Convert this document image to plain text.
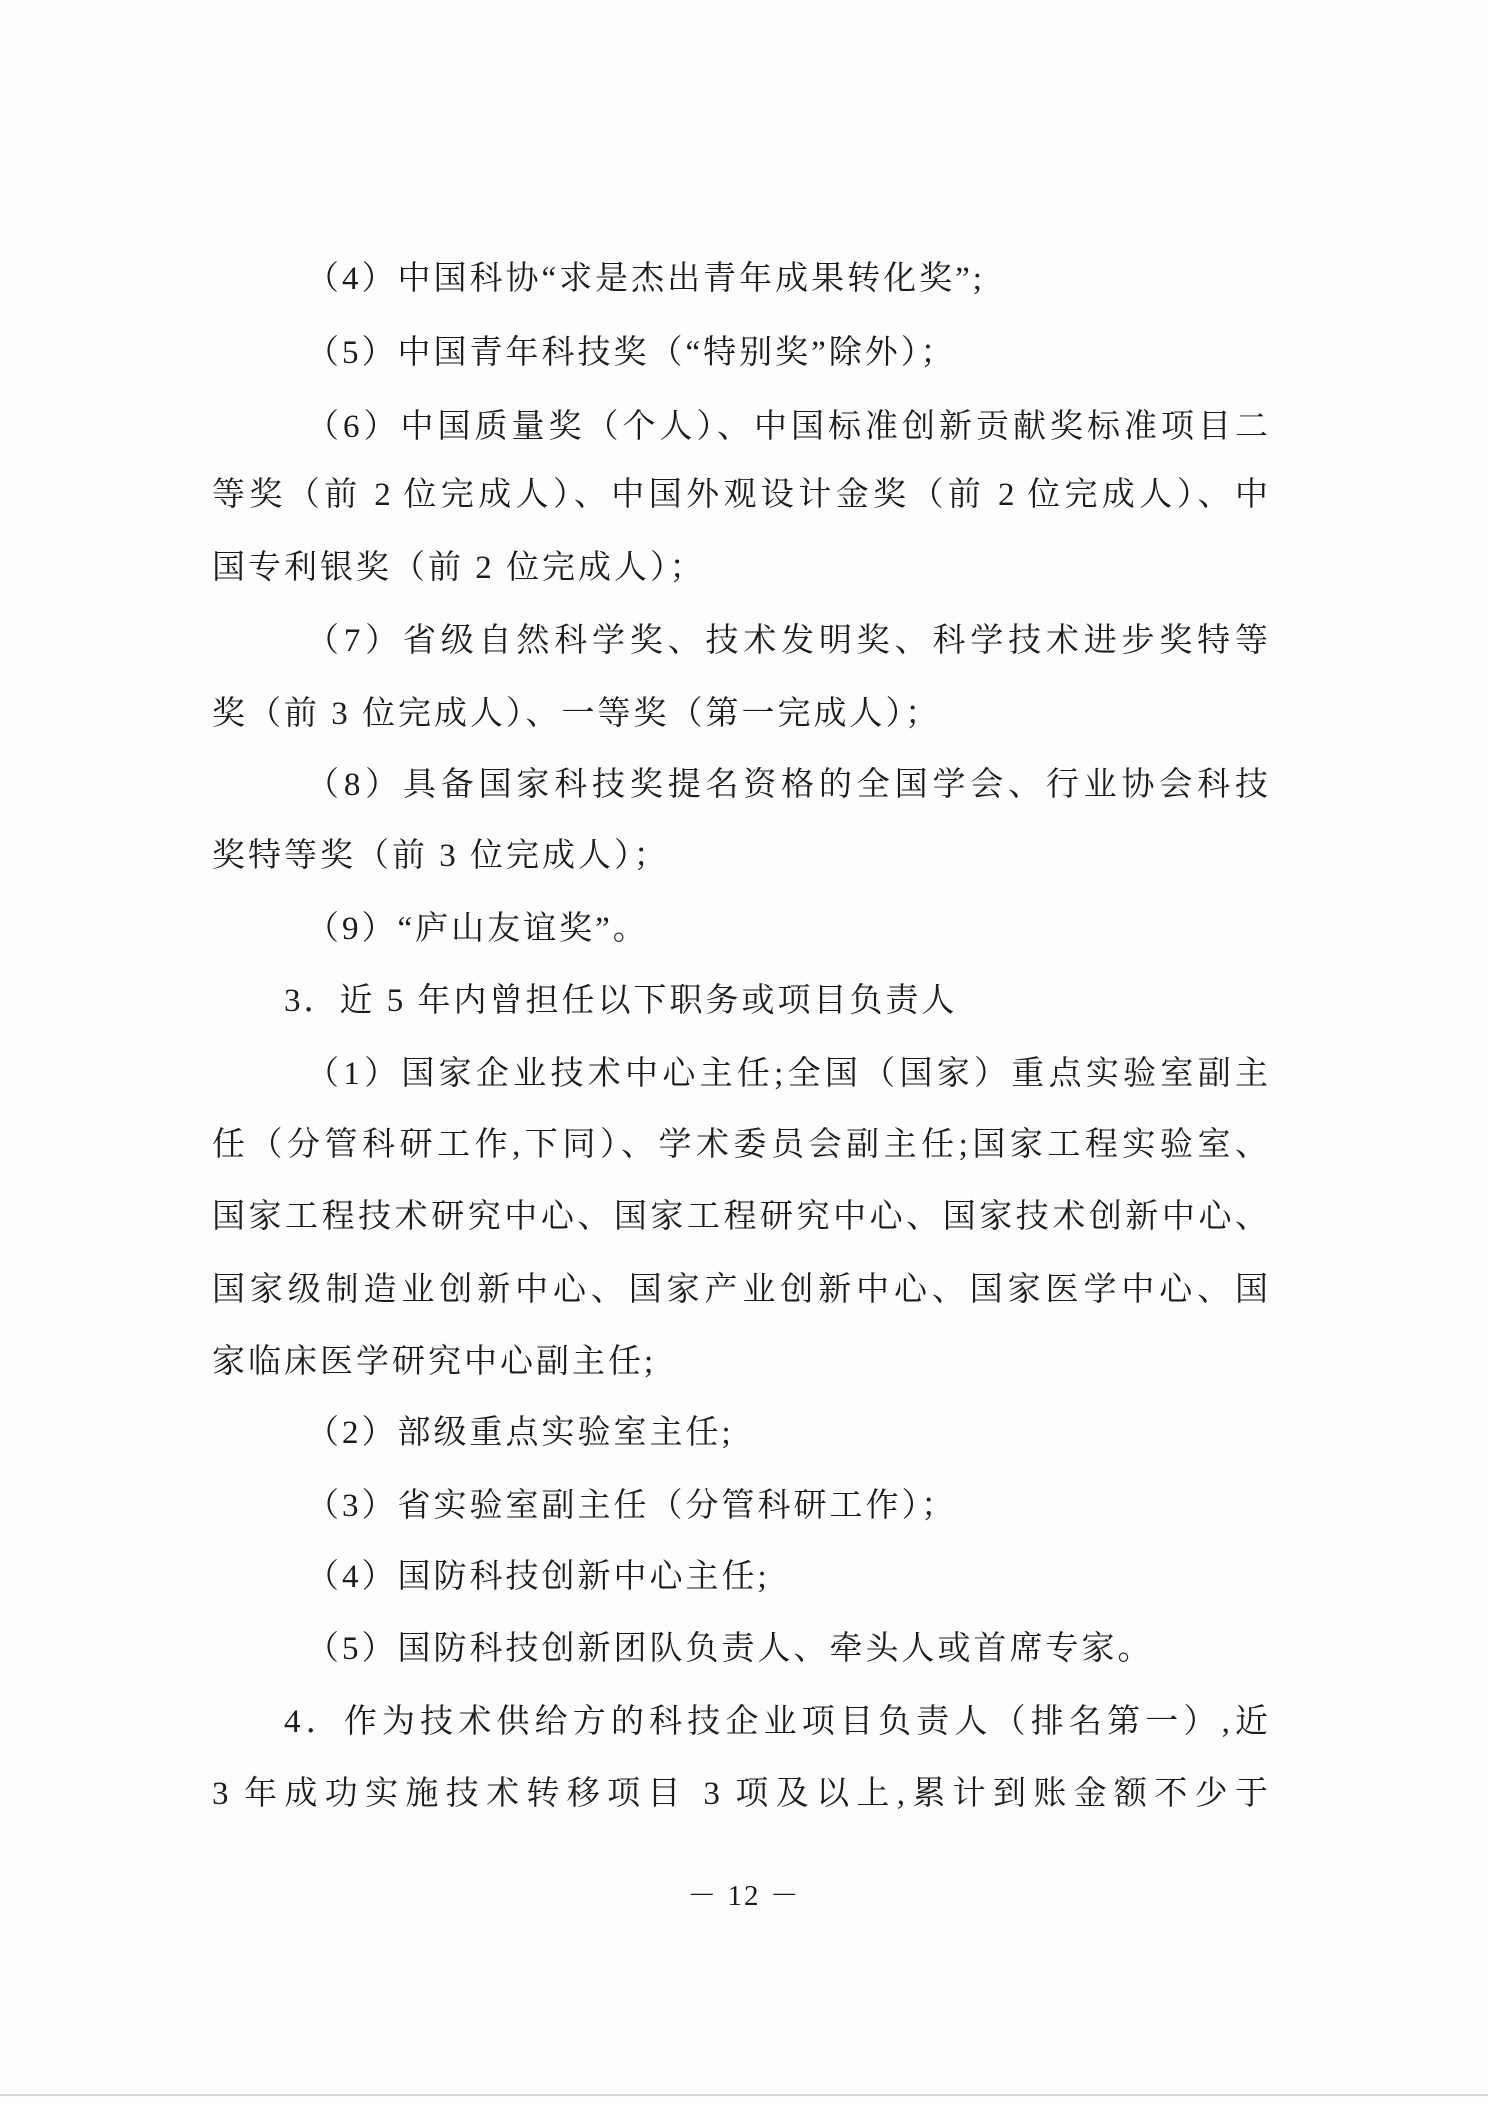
（4）中国科协“求是杰出青年成果转化奖”;
（5）中国青年科技奖（“特别奖”除外）；
（6）中国质量奖（个人）、中国标准创新贡献奖标准项目二
等奖（前 2 位完成人）、中国外观设计金奖（前 2 位完成人）、中
国专利银奖（前 2 位完成人）；
（7）省级自然科学奖、技术发明奖、科学技术进步奖特等
奖（前 3 位完成人）、一等奖（第一完成人）；
（8）具备国家科技奖提名资格的全国学会、行业协会科技
奖特等奖（前 3 位完成人）；
（9）“庐山友谊奖”。
3．近 5 年内曾担任以下职务或项目负责人
（1）国家企业技术中心主任;全国（国家）重点实验室副主
任（分管科研工作,下同）、学术委员会副主任;国家工程实验室、
国家工程技术研究中心、国家工程研究中心、国家技术创新中心、
国家级制造业创新中心、国家产业创新中心、国家医学中心、国
家临床医学研究中心副主任;
（2）部级重点实验室主任;
（3）省实验室副主任（分管科研工作）；
（4）国防科技创新中心主任;
（5）国防科技创新团队负责人、牵头人或首席专家。
4．作为技术供给方的科技企业项目负责人（排名第一）,近
3 年成功实施技术转移项目 3 项及以上,累计到账金额不少于
－ 12 －
